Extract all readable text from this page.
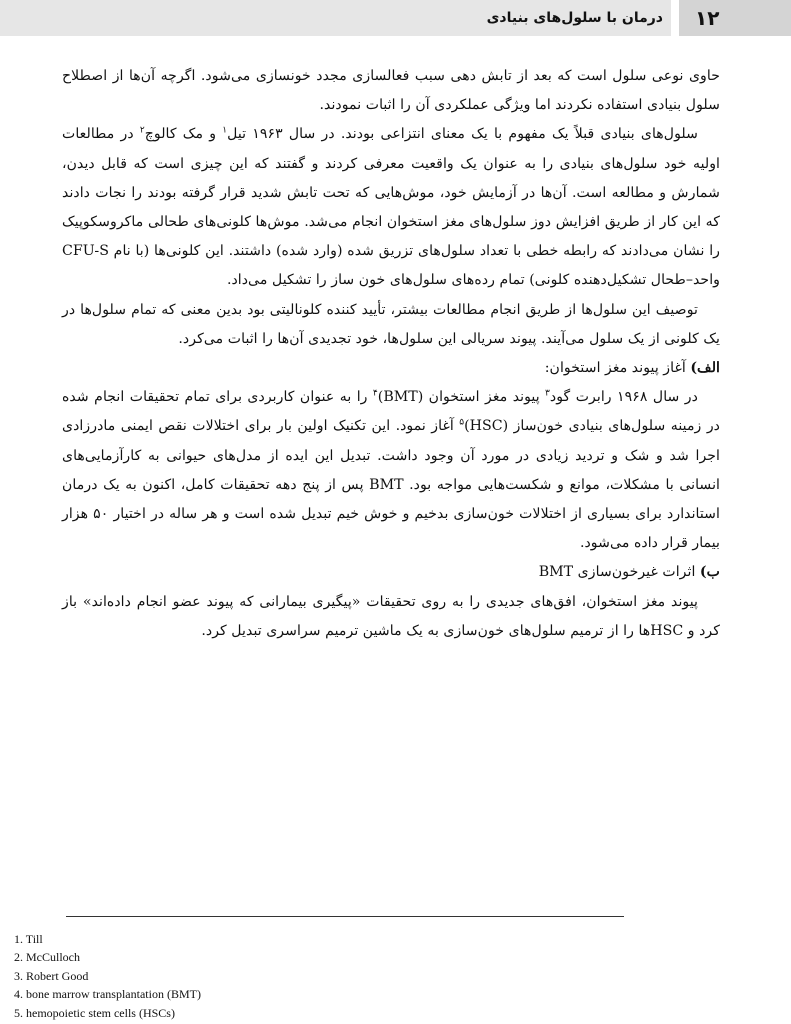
۱۲
درمان با سلول‌های بنیادی

حاوی نوعی سلول است که بعد از تابش دهی سبب فعالسازی مجدد خونسازی می‌شود. اگرچه آن‌ها از اصطلاح سلول بنیادی استفاده نکردند اما ویژگی عملکردی آن را اثبات نمودند.

سلول‌های بنیادی قبلاً یک مفهوم با یک معنای انتزاعی بودند. در سال ۱۹۶۳ تیل$^۱$ و مک کالوچ$^۲$ در مطالعات اولیه خود سلول‌های بنیادی را به عنوان یک واقعیت معرفی کردند و گفتند که این چیزی است که قابل دیدن، شمارش و مطالعه است. آن‌ها در آزمایش خود، موش‌هایی که تحت تابش شدید قرار گرفته بودند را نجات دادند که این کار از طریق افزایش دوز سلول‌های مغز استخوان انجام می‌شد. موش‌ها کلونی‌های طحالی ماکروسکوپیک را نشان می‌دادند که رابطه خطی با تعداد سلول‌های تزریق شده (وارد شده) داشتند. این کلونی‌ها (با نام CFU-S واحد–طحال تشکیل‌دهنده کلونی) تمام رده‌های سلول‌های خون ساز را تشکیل می‌داد.

توصیف این سلول‌ها از طریق انجام مطالعات بیشتر، تأیید کننده کلونالیتی بود بدین معنی که تمام سلول‌ها در یک کلونی از یک سلول می‌آیند. پیوند سریالی این سلول‌ها، خود تجدیدی آن‌ها را اثبات می‌کرد.

الف) آغاز پیوند مغز استخوان:

در سال ۱۹۶۸ رابرت گود$^۳$ پیوند مغز استخوان (BMT)$^۴$ را به عنوان کاربردی برای تمام تحقیقات انجام شده در زمینه سلول‌های بنیادی خون‌ساز (HSC)$^۵$ آغاز نمود. این تکنیک اولین بار برای اختلالات نقص ایمنی مادرزادی اجرا شد و شک و تردید زیادی در مورد آن وجود داشت. تبدیل این ایده از مدل‌های حیوانی به کارآزمایی‌های انسانی با مشکلات، موانع و شکست‌هایی مواجه بود. BMT پس از پنج دهه تحقیقات کامل، اکنون به یک درمان استاندارد برای بسیاری از اختلالات خون‌سازی بدخیم و خوش خیم تبدیل شده است و هر ساله در اختیار ۵۰ هزار بیمار قرار داده می‌شود.

ب) اثرات غیرخون‌سازی BMT

پیوند مغز استخوان، افق‌های جدیدی را به روی تحقیقات «پیگیری بیمارانی که پیوند عضو انجام داده‌اند» باز کرد و HSCها را از ترمیم سلول‌های خون‌سازی به یک ماشین ترمیم سراسری تبدیل کرد.

1. Till
2. McCulloch
3. Robert Good
4. bone marrow transplantation (BMT)
5. hemopoietic stem cells (HSCs)
